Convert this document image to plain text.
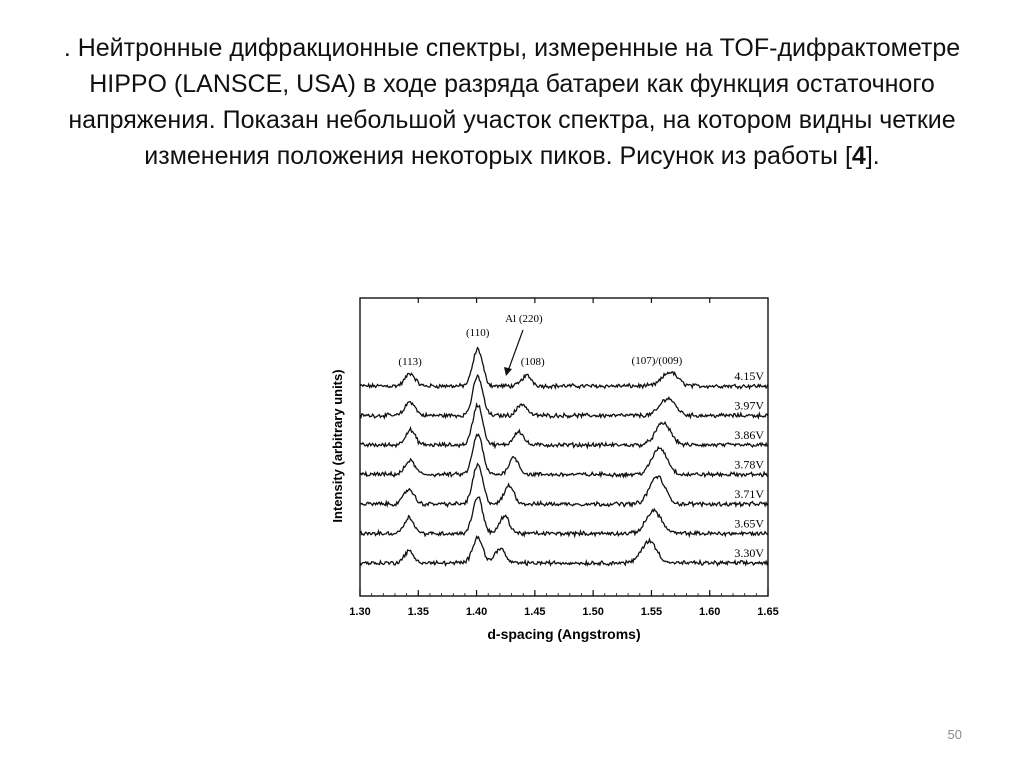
. Нейтронные дифракционные спектры, измеренные на TOF-дифрактометре HIPPO (LANSCE, USA) в ходе разряда батареи как функция остаточного напряжения. Показан небольшой участок спектра, на котором видны четкие изменения положения некоторых пиков. Рисунок из работы [4].
1.30	1.35	1.40	1.45	1.50	1.55	1.60	1.65
4.15V
3.97V
3.86V
3.78V
3.71V
3.65V
3.30V
(113)
(110)
Al (220)
(108)	(107)/(009)
d-spacing (Angstroms)
Intensity (arbitrary units)
50
